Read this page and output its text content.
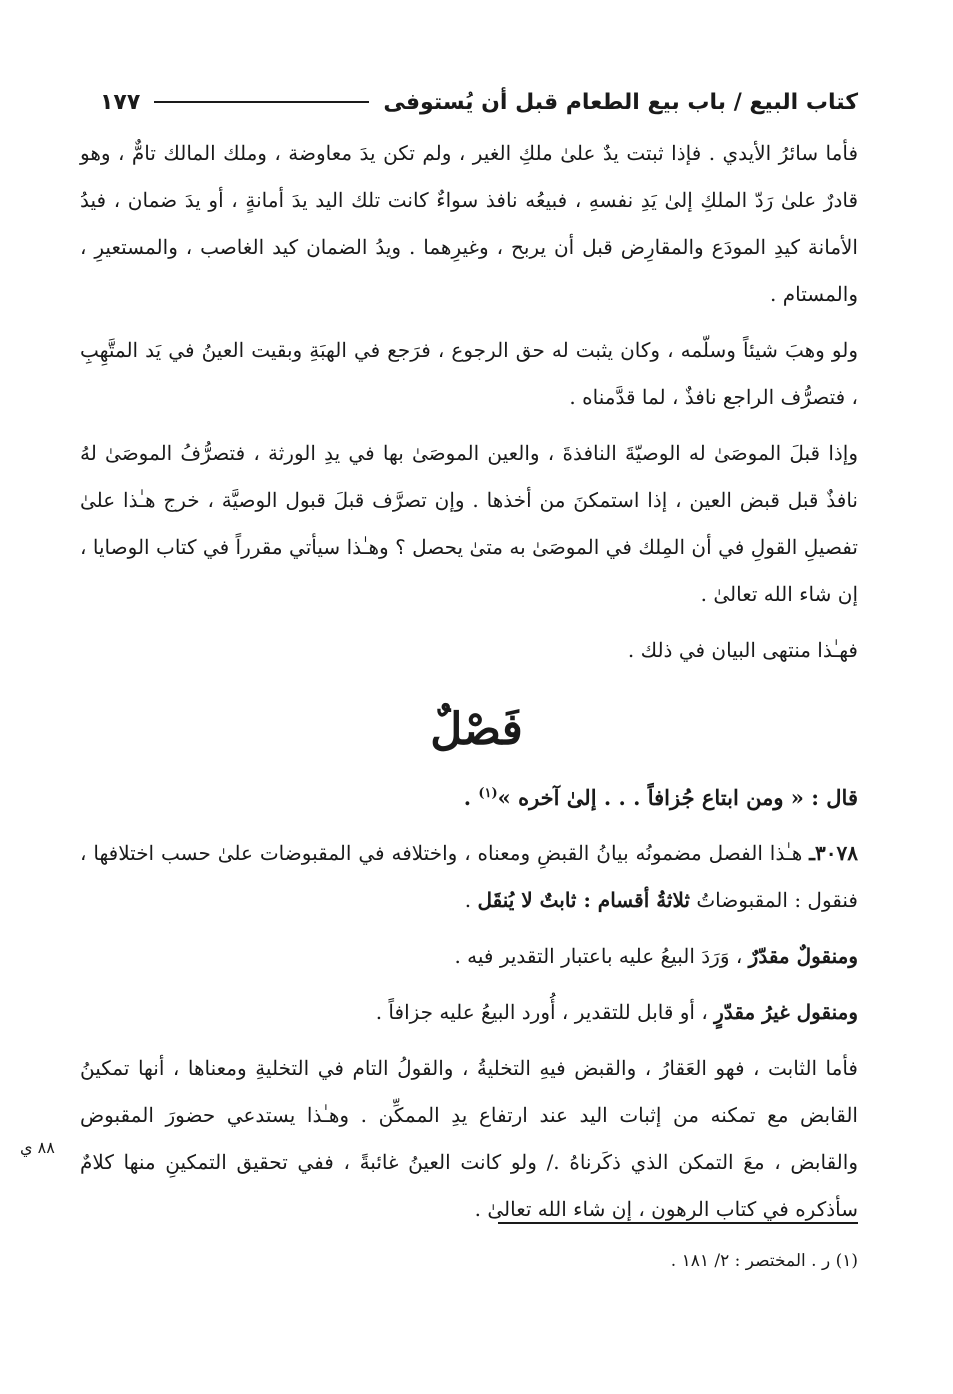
كتاب البيع / باب بيع الطعام قبل أن يُستوفى
١٧٧

فأما سائرُ الأيدي . فإذا ثبتت يدٌ علىٰ ملكِ الغير ، ولم تكن يدَ معاوضة ، وملك المالك تامٌّ ، وهو قادرٌ علىٰ رَدّ الملكِ إلىٰ يَدِ نفسهِ ، فبيعُه نافذ سواءٌ كانت تلك اليد يدَ أمانةٍ ، أو يدَ ضمان ، فيدُ الأمانة كيدِ المودَع والمقارِض قبل أن يربح ، وغيرِهما . ويدُ الضمان كيد الغاصب ، والمستعيرِ ، والمستام .

ولو وهبَ شيئاً وسلّمه ، وكان يثبت له حق الرجوع ، فرَجع في الهبَةِ وبقيت العينُ في يَد المتَّهِبِ ، فتصرُّف الراجع نافذٌ ، لما قدَّمناه .

وإذا قبلَ الموصَىٰ له الوصيّةَ النافذةَ ، والعين الموصَىٰ بها في يدِ الورثة ، فتصرُّفُ الموصَىٰ لهُ نافذٌ قبل قبض العين ، إذا استمكنَ من أخذها . وإن تصرَّف قبلَ قبول الوصيَّة ، خرج هـٰذا علىٰ تفصيلِ القولِ في أن المِلك في الموصَىٰ به متىٰ يحصل ؟ وهـٰذا سيأتي مقرراً في كتاب الوصايا ، إن شاء الله تعالىٰ .

فهـٰذا منتهى البيان في ذلك .

فَصْلٌ

قال : « ومن ابتاع جُزافاً . . . إلىٰ آخره »$^{(١)}$ .

٣٠٧٨ـ هـٰذا الفصل مضمونُه بيانُ القبضِ ومعناه ، واختلافه في المقبوضات علىٰ حسب اختلافها ، فنقول : المقبوضاتُ ثلاثةُ أقسام : ثابتٌ لا يُنقَل .

ومنقولٌ مقدّرٌ ، وَرَدَ البيعُ عليه باعتبار التقدير فيه .

ومنقول غيرُ مقدّرٍ ، أو قابل للتقدير ، أُورد البيعُ عليه جزافاً .

فأما الثابت ، فهو العَقارُ ، والقبض فيهِ التخليةُ ، والقولُ التام في التخليةِ ومعناها ، أنها تمكينُ القابض مع تمكنه من إثبات اليد عند ارتفاع يدِ الممكِّن . وهـٰذا يستدعي حضورَ المقبوض والقابض ، معَ التمكن الذي ذكَرناهُ ./ ولو كانت العينُ غائبةً ، ففي تحقيق التمكينِ منها كلامٌ سأذكره في كتاب الرهون ، إن شاء الله تعالىٰ .

٨٨ ي
(١) ر . المختصر : ٢/ ١٨١ .
